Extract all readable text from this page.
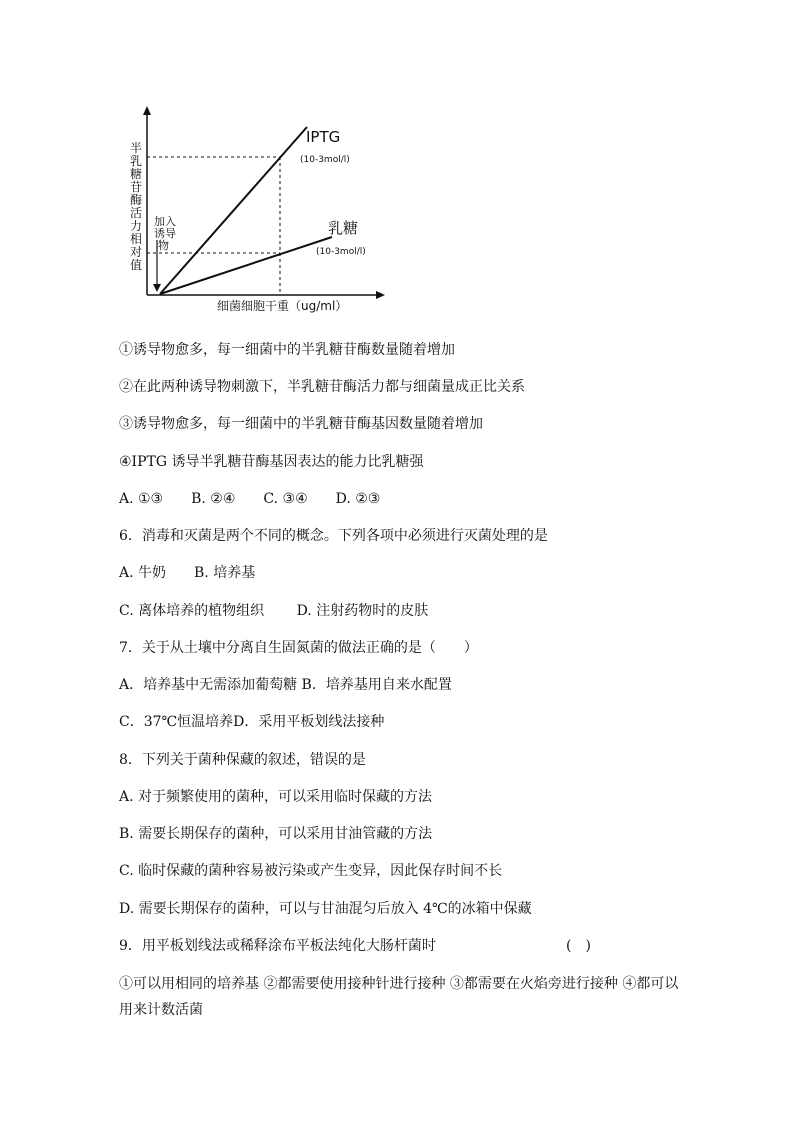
半 乳 糖 苷 酶 活 力 相 对 值
加入 诱导 物
IPTG
(10-3mol/l)
乳糖
(10-3mol/l)
细菌细胞干重（ug/ml）
①诱导物愈多，每一细菌中的半乳糖苷酶数量随着增加
②在此两种诱导物刺激下，半乳糖苷酶活力都与细菌量成正比关系
③诱导物愈多，每一细菌中的半乳糖苷酶基因数量随着增加
④IPTG 诱导半乳糖苷酶基因表达的能力比乳糖强
A. ①③　　B. ②④　　C. ③④　　D. ②③
6．消毒和灭菌是两个不同的概念。下列各项中必须进行灭菌处理的是
A. 牛奶　　B. 培养基
C. 离体培养的植物组织　　 D. 注射药物时的皮肤
7．关于从土壤中分离自生固氮菌的做法正确的是（　　）
A．培养基中无需添加葡萄糖 B．培养基用自来水配置
C．37℃恒温培养D．采用平板划线法接种
8．下列关于菌种保藏的叙述，错误的是
A. 对于频繁使用的菌种，可以采用临时保藏的方法
B. 需要长期保存的菌种，可以采用甘油管藏的方法
C. 临时保藏的菌种容易被污染或产生变异，因此保存时间不长
D. 需要长期保存的菌种，可以与甘油混匀后放入 4℃的冰箱中保藏
9．用平板划线法或稀释涂布平板法纯化大肠杆菌时	(　)
①可以用相同的培养基 ②都需要使用接种针进行接种 ③都需要在火焰旁进行接种 ④都可以用来计数活菌
